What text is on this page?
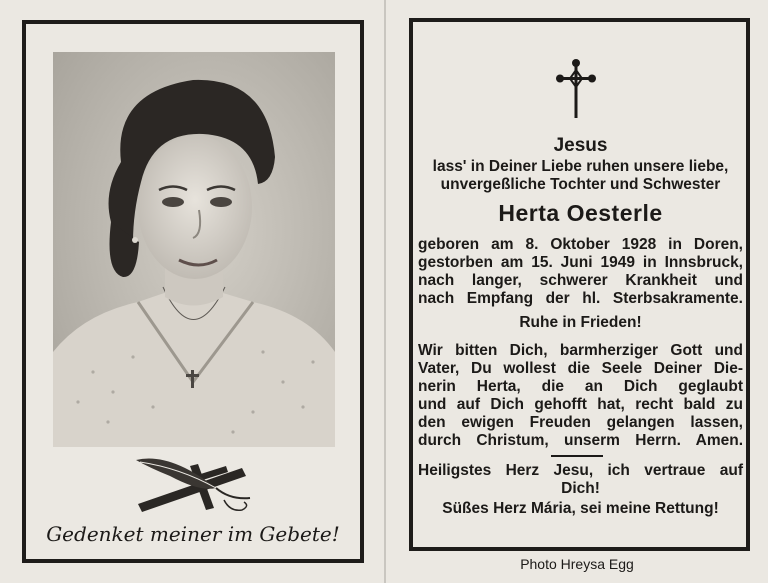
Gedenket meiner im Gebete!
Jesus
lass' in Deiner Liebe ruhen unsere liebe,
unvergeßliche Tochter und Schwester
Herta Oesterle
geboren am 8. Oktober 1928 in Doren,
gestorben am 15. Juni 1949 in Innsbruck,
nach langer, schwerer Krankheit und
nach Empfang der hl. Sterbsakramente.
Ruhe in Frieden!
Wir bitten Dich, barmherziger Gott und
Vater, Du wollest die Seele Deiner Die-
nerin Herta, die an Dich geglaubt
und auf Dich gehofft hat, recht bald zu
den ewigen Freuden gelangen lassen,
durch Christum, unserm Herrn. Amen.
Heiligstes Herz Jesu, ich vertraue auf
Dich!
Süßes Herz Mária, sei meine Rettung!
Photo Hreysa Egg
